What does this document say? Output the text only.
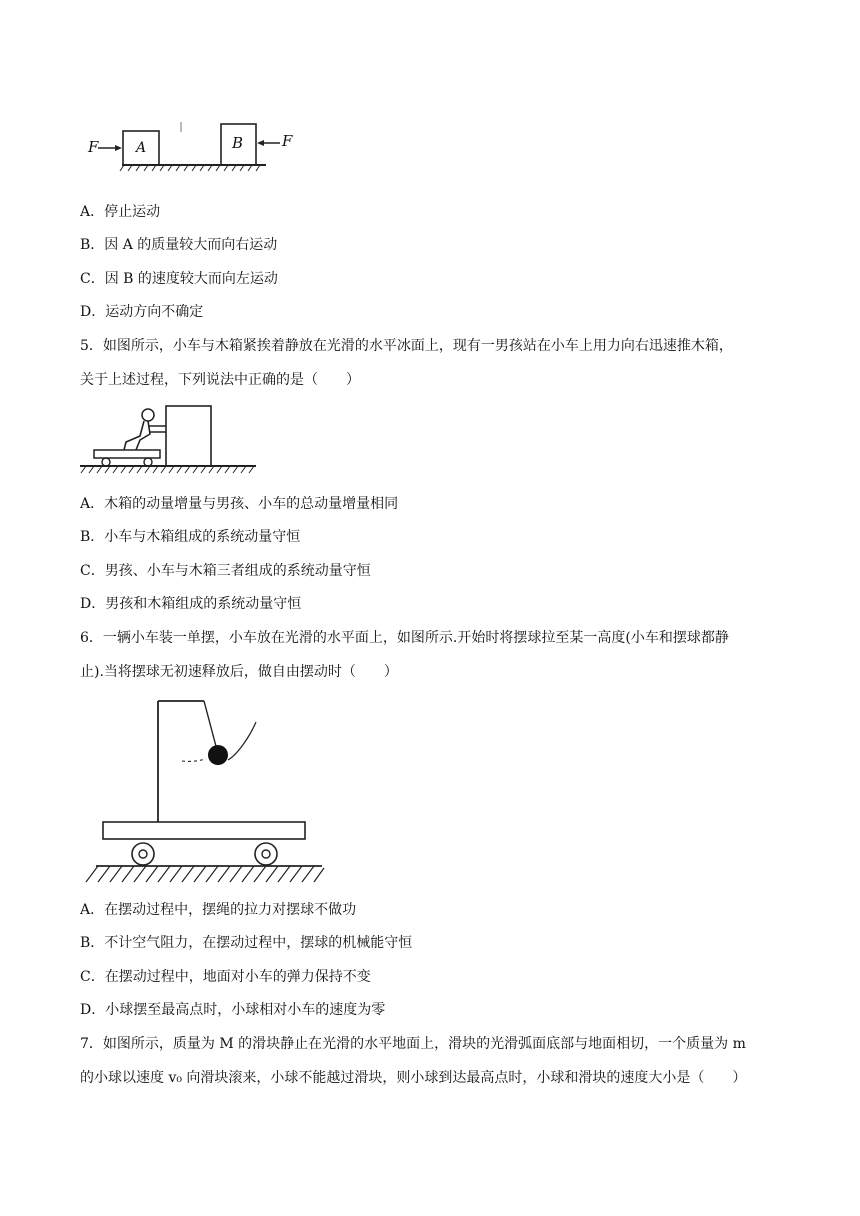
F	A	B	F
A．停止运动
B．因 A 的质量较大而向右运动
C．因 B 的速度较大而向左运动
D．运动方向不确定
5．如图所示，小车与木箱紧挨着静放在光滑的水平冰面上，现有一男孩站在小车上用力向右迅速推木箱，
关于上述过程，下列说法中正确的是（　　）
A．木箱的动量增量与男孩、小车的总动量增量相同
B．小车与木箱组成的系统动量守恒
C．男孩、小车与木箱三者组成的系统动量守恒
D．男孩和木箱组成的系统动量守恒
6．一辆小车装一单摆，小车放在光滑的水平面上，如图所示.开始时将摆球拉至某一高度(小车和摆球都静
止).当将摆球无初速释放后，做自由摆动时（　　）
A．在摆动过程中，摆绳的拉力对摆球不做功
B．不计空气阻力，在摆动过程中，摆球的机械能守恒
C．在摆动过程中，地面对小车的弹力保持不变
D．小球摆至最高点时，小球相对小车的速度为零
7．如图所示，质量为 M 的滑块静止在光滑的水平地面上，滑块的光滑弧面底部与地面相切，一个质量为 m
的小球以速度 v₀ 向滑块滚来，小球不能越过滑块，则小球到达最高点时，小球和滑块的速度大小是（　　）
